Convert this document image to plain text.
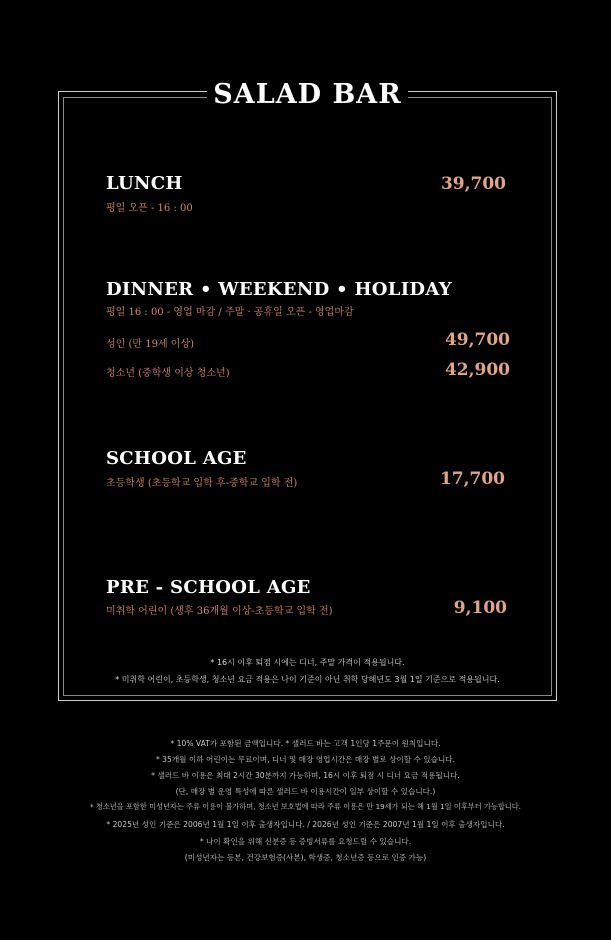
SALAD BAR
LUNCH
평일 오픈 - 16 : 00
39,700
DINNER • WEEKEND • HOLIDAY
평일 16 : 00 - 영업 마감 / 주말 · 공휴일 오픈 - 영업마감
성인 (만 19세 이상)	49,700
청소년 (중학생 이상 청소년)	42,900
SCHOOL AGE
초등학생 (초등학교 입학 후-중학교 입학 전)	17,700
PRE - SCHOOL AGE
미취학 어린이 (생후 36개월 이상-초등학교 입학 전)	9,100
* 16시 이후 퇴점 시에는 디너, 주말 가격이 적용됩니다.
* 미취학 어린이, 초등학생, 청소년 요금 적용은 나이 기준이 아닌 취학 당해년도 3월 1일 기준으로 적용됩니다.
* 10% VAT가 포함된 금액입니다. * 샐러드 바는 고객 1인당 1주문이 원칙입니다.
* 35개월 이하 어린이는 무료이며, 디너 및 매장 영업시간은 매장 별로 상이할 수 있습니다.
* 샐러드 바 이용은 최대 2시간 30분까지 가능하며, 16시 이후 퇴점 시 디너 요금 적용됩니다.
(단, 매장 별 운영 특성에 따른 샐러드 바 이용시간이 일부 상이할 수 있습니다.)
* 청소년을 포함한 미성년자는 주류 이용이 불가하며, 청소년 보호법에 따라 주류 이용은 만 19세가 되는 해 1월 1일 이후부터 가능합니다.
* 2025년 성인 기준은 2006년 1월 1일 이후 출생자입니다. / 2026년 성인 기준은 2007년 1월 1일 이후 출생자입니다.
* 나이 확인을 위해 신분증 등 증빙서류를 요청드릴 수 있습니다.
(미성년자는 등본, 건강보험증(사본), 학생증, 청소년증 등으로 인증 가능)
